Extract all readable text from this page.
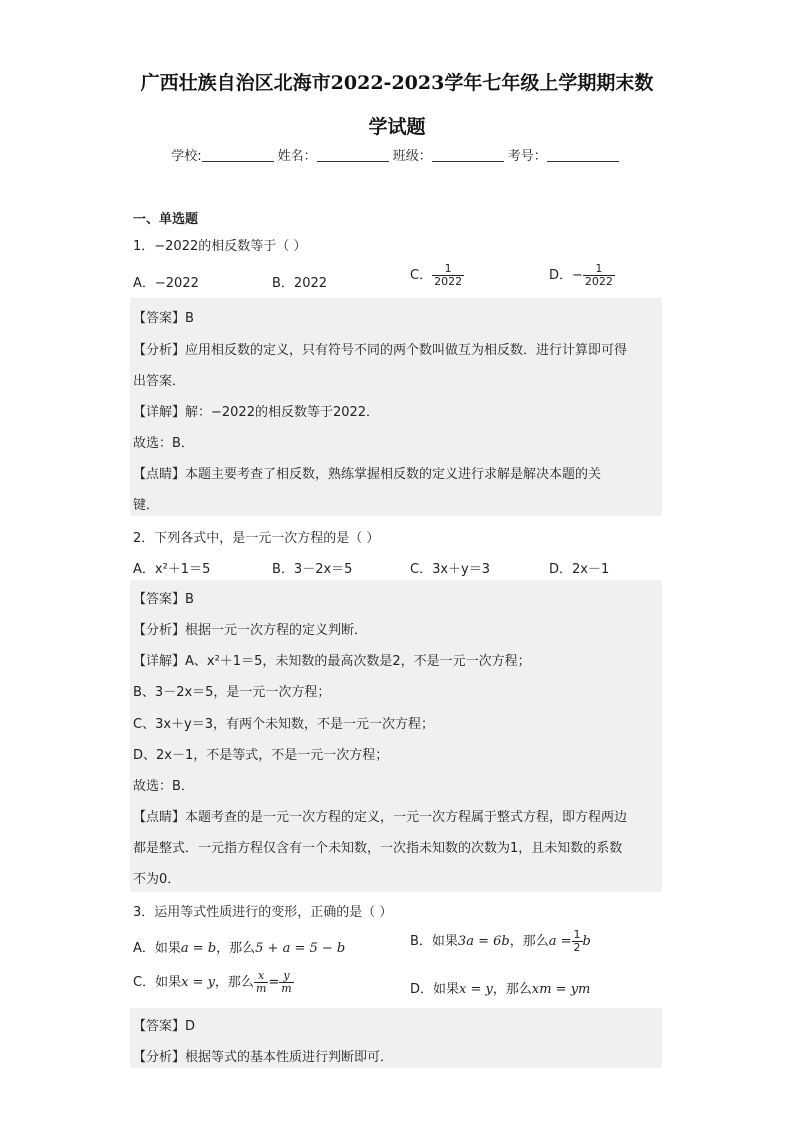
广西壮族自治区北海市2022-2023学年七年级上学期期末数
学试题
学校:	姓名：	班级：	考号：
一、单选题
1．−2022的相反数等于（ ）
A．−2022	B．2022
C． $\frac{1}{2022}$	D．− $\frac{1}{2022}$
【答案】B
【分析】应用相反数的定义，只有符号不同的两个数叫做互为相反数．进行计算即可得
出答案．
【详解】解：−2022的相反数等于2022．
故选：B．
【点睛】本题主要考查了相反数，熟练掌握相反数的定义进行求解是解决本题的关
键．
2．下列各式中，是一元一次方程的是（ ）
A．x²＋1＝5	B．3－2x＝5	C．3x＋y＝3	D．2x－1
【答案】B
【分析】根据一元一次方程的定义判断．
【详解】A、x²＋1＝5，未知数的最高次数是2，不是一元一次方程；
B、3－2x＝5，是一元一次方程；
C、3x＋y＝3，有两个未知数，不是一元一次方程；
D、2x－1，不是等式，不是一元一次方程；
故选：B．
【点睛】本题考查的是一元一次方程的定义，一元一次方程属于整式方程，即方程两边
都是整式．一元指方程仅含有一个未知数，一次指未知数的次数为1，且未知数的系数
不为0．
3．运用等式性质进行的变形，正确的是（ ）
A．如果a = b，那么5 + a = 5 − b	B．如果3a = 6b，那么$a = \frac{1}{2}$ b
C．如果x = y，那么 $\frac{x}{m} = \frac{y}{m}$	D．如果x = y，那么xm = ym
【答案】D
【分析】根据等式的基本性质进行判断即可．
